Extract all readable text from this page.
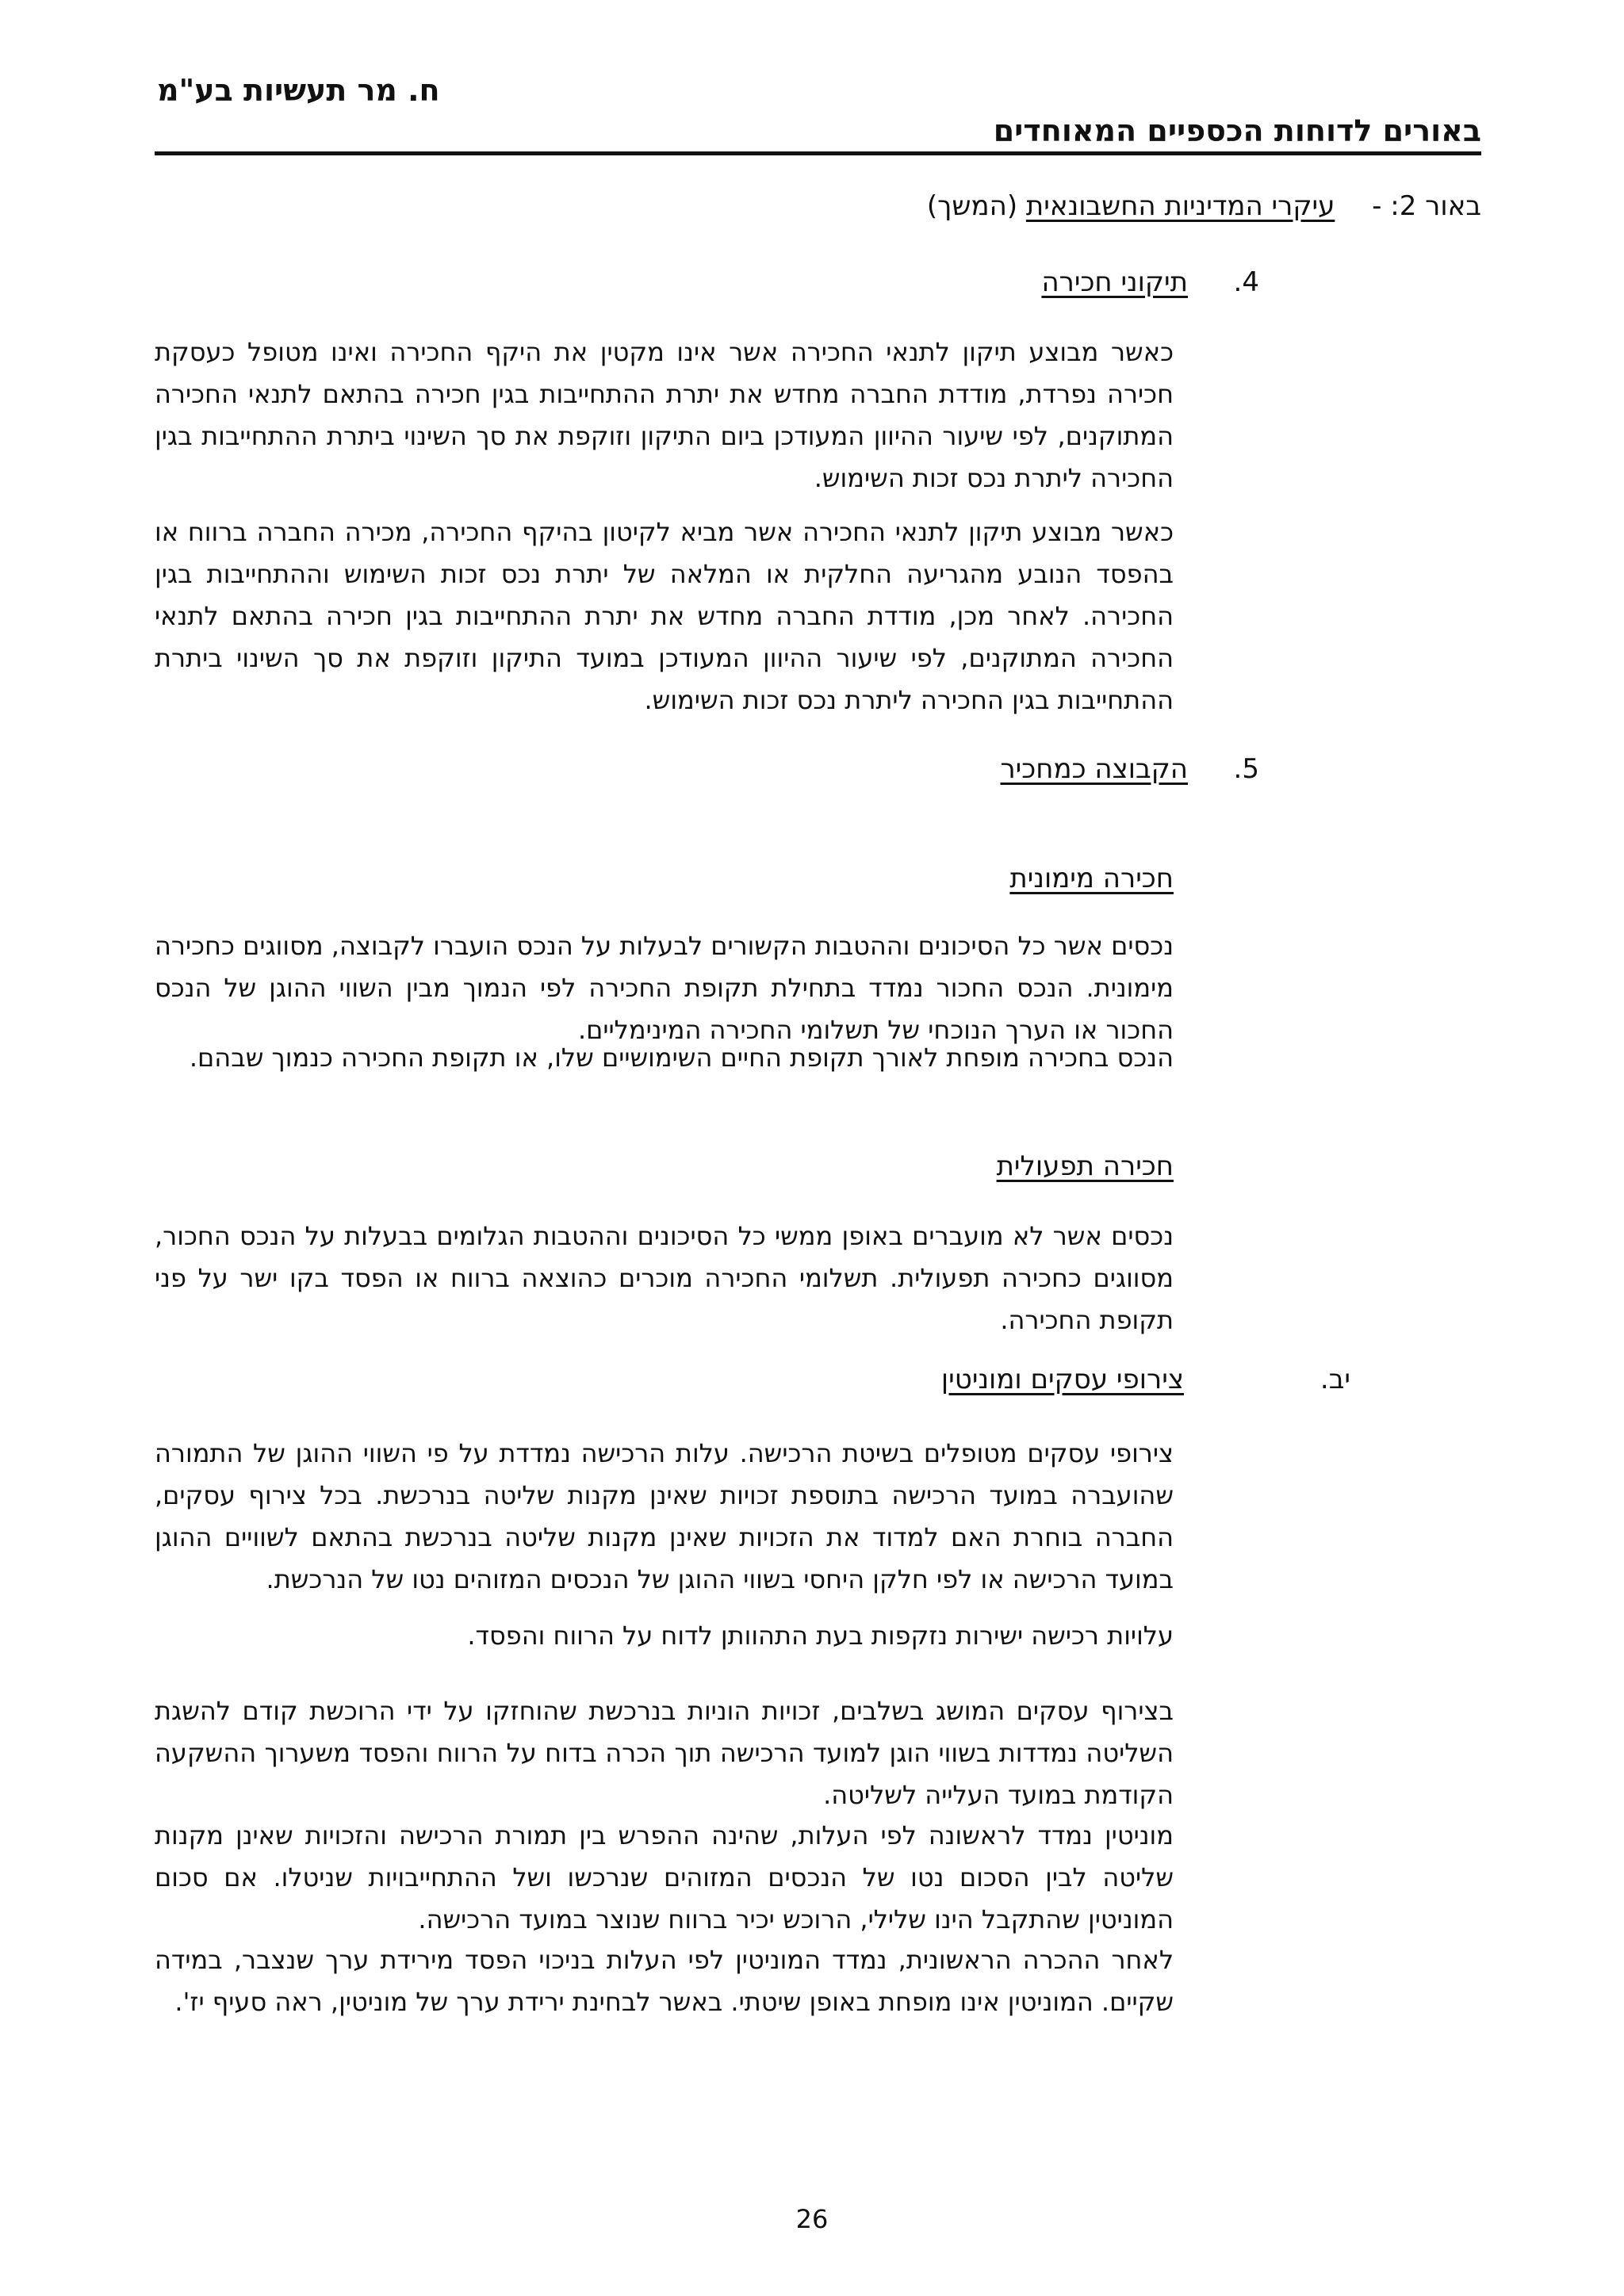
ח. מר תעשיות בע"מ
באורים לדוחות הכספיים המאוחדים
באור 2: - עיקרי המדיניות החשבונאית (המשך)
4.תיקוני חכירה
כאשר מבוצע תיקון לתנאי החכירה אשר אינו מקטין את היקף החכירה ואינו מטופל כעסקת חכירה נפרדת, מודדת החברה מחדש את יתרת ההתחייבות בגין חכירה בהתאם לתנאי החכירה המתוקנים, לפי שיעור ההיוון המעודכן ביום התיקון וזוקפת את סך השינוי ביתרת ההתחייבות בגין החכירה ליתרת נכס זכות השימוש.
כאשר מבוצע תיקון לתנאי החכירה אשר מביא לקיטון בהיקף החכירה, מכירה החברה ברווח או בהפסד הנובע מהגריעה החלקית או המלאה של יתרת נכס זכות השימוש וההתחייבות בגין החכירה. לאחר מכן, מודדת החברה מחדש את יתרת ההתחייבות בגין חכירה בהתאם לתנאי החכירה המתוקנים, לפי שיעור ההיוון המעודכן במועד התיקון וזוקפת את סך השינוי ביתרת ההתחייבות בגין החכירה ליתרת נכס זכות השימוש.
5.הקבוצה כמחכיר
חכירה מימונית
נכסים אשר כל הסיכונים וההטבות הקשורים לבעלות על הנכס הועברו לקבוצה, מסווגים כחכירה מימונית. הנכס החכור נמדד בתחילת תקופת החכירה לפי הנמוך מבין השווי ההוגן של הנכס החכור או הערך הנוכחי של תשלומי החכירה המינימליים.
הנכס בחכירה מופחת לאורך תקופת החיים השימושיים שלו, או תקופת החכירה כנמוך שבהם.
חכירה תפעולית
נכסים אשר לא מועברים באופן ממשי כל הסיכונים וההטבות הגלומים בבעלות על הנכס החכור, מסווגים כחכירה תפעולית. תשלומי החכירה מוכרים כהוצאה ברווח או הפסד בקו ישר על פני תקופת החכירה.
יב.צירופי עסקים ומוניטין
צירופי עסקים מטופלים בשיטת הרכישה. עלות הרכישה נמדדת על פי השווי ההוגן של התמורה שהועברה במועד הרכישה בתוספת זכויות שאינן מקנות שליטה בנרכשת. בכל צירוף עסקים, החברה בוחרת האם למדוד את הזכויות שאינן מקנות שליטה בנרכשת בהתאם לשוויים ההוגן במועד הרכישה או לפי חלקן היחסי בשווי ההוגן של הנכסים המזוהים נטו של הנרכשת.
עלויות רכישה ישירות נזקפות בעת התהוותן לדוח על הרווח והפסד.
בצירוף עסקים המושג בשלבים, זכויות הוניות בנרכשת שהוחזקו על ידי הרוכשת קודם להשגת השליטה נמדדות בשווי הוגן למועד הרכישה תוך הכרה בדוח על הרווח והפסד משערוך ההשקעה הקודמת במועד העלייה לשליטה.
מוניטין נמדד לראשונה לפי העלות, שהינה ההפרש בין תמורת הרכישה והזכויות שאינן מקנות שליטה לבין הסכום נטו של הנכסים המזוהים שנרכשו ושל ההתחייבויות שניטלו. אם סכום המוניטין שהתקבל הינו שלילי, הרוכש יכיר ברווח שנוצר במועד הרכישה.
לאחר ההכרה הראשונית, נמדד המוניטין לפי העלות בניכוי הפסד מירידת ערך שנצבר, במידה שקיים. המוניטין אינו מופחת באופן שיטתי. באשר לבחינת ירידת ערך של מוניטין, ראה סעיף יז'.
26
